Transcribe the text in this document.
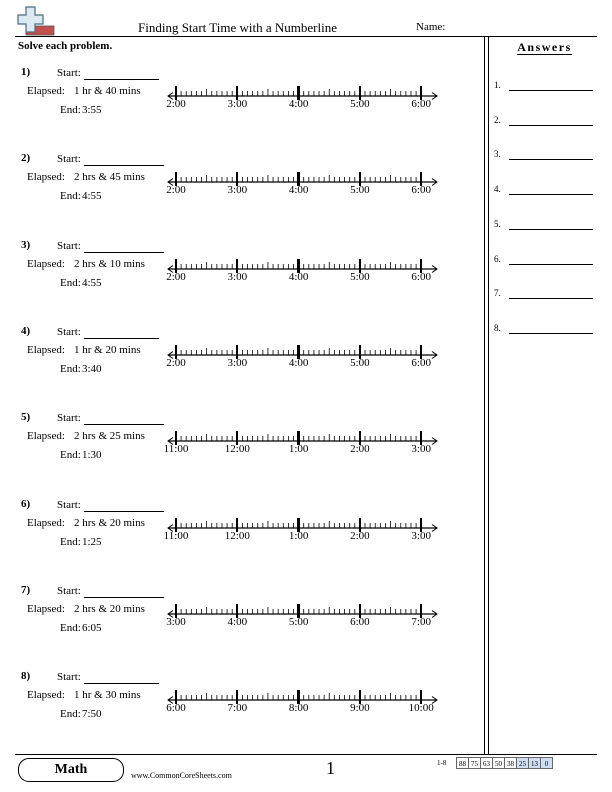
Finding Start Time with a Numberline	Name:
Solve each problem.	Answers
1.
2.
3.
4.
5.
6.
7.
8.
1) Start:
Elapsed: 1 hr & 40 mins
End: 3:55	2:00	3:00	4:00	5:00	6:00
2) Start:
Elapsed: 2 hrs & 45 mins
End: 4:55	2:00	3:00	4:00	5:00	6:00
3) Start:
Elapsed: 2 hrs & 10 mins
End: 4:55	2:00	3:00	4:00	5:00	6:00
4) Start:
Elapsed: 1 hr & 20 mins
End: 3:40	2:00	3:00	4:00	5:00	6:00
5) Start:
Elapsed: 2 hrs & 25 mins
End: 1:30	11:00	12:00	1:00	2:00	3:00
6) Start:
Elapsed: 2 hrs & 20 mins
End: 1:25	11:00	12:00	1:00	2:00	3:00
7) Start:
Elapsed: 2 hrs & 20 mins
End: 6:05	3:00	4:00	5:00	6:00	7:00
8) Start:
Elapsed: 1 hr & 30 mins
End: 7:50	6:00	7:00	8:00	9:00	10:00
Math	www.CommonCoreSheets.com	1	1-8	88 75 63 50 38 25 13 0
